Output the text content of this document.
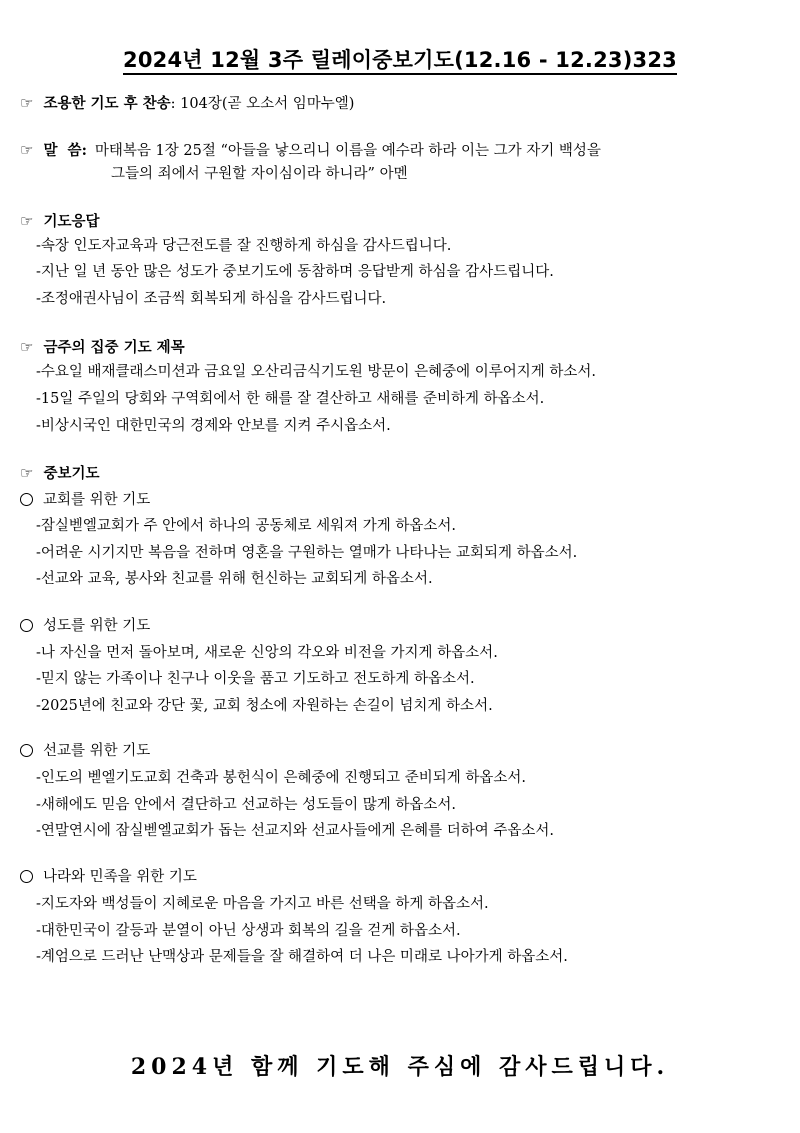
2024년 12월 3주 릴레이중보기도(12.16 - 12.23)323
☞ 조용한 기도 후 찬송: 104장(곧 오소서 임마누엘)
☞ 말  씀: 마태복음 1장 25절 “아들을 낳으리니 이름을 예수라 하라 이는 그가 자기 백성을
그들의 죄에서 구원할 자이심이라 하니라” 아멘
☞ 기도응답
-속장 인도자교육과 당근전도를 잘 진행하게 하심을 감사드립니다.
-지난 일 년 동안 많은 성도가 중보기도에 동참하며 응답받게 하심을 감사드립니다.
-조정애권사님이 조금씩 회복되게 하심을 감사드립니다.
☞ 금주의 집중 기도 제목
-수요일 배재클래스미션과 금요일 오산리금식기도원 방문이 은혜중에 이루어지게 하소서.
-15일 주일의 당회와 구역회에서 한 해를 잘 결산하고 새해를 준비하게 하옵소서.
-비상시국인 대한민국의 경제와 안보를 지켜 주시옵소서.
☞ 중보기도
교회를 위한 기도
-잠실벧엘교회가 주 안에서 하나의 공동체로 세워져 가게 하옵소서.
-어려운 시기지만 복음을 전하며 영혼을 구원하는 열매가 나타나는 교회되게 하옵소서.
-선교와 교육, 봉사와 친교를 위해 헌신하는 교회되게 하옵소서.
성도를 위한 기도
-나 자신을 먼저 돌아보며, 새로운 신앙의 각오와 비전을 가지게 하옵소서.
-믿지 않는 가족이나 친구나 이웃을 품고 기도하고 전도하게 하옵소서.
-2025년에 친교와 강단 꽃, 교회 청소에 자원하는 손길이 넘치게 하소서.
선교를 위한 기도
-인도의 벧엘기도교회 건축과 봉헌식이 은혜중에 진행되고 준비되게 하옵소서.
-새해에도 믿음 안에서 결단하고 선교하는 성도들이 많게 하옵소서.
-연말연시에 잠실벧엘교회가 돕는 선교지와 선교사들에게 은혜를 더하여 주옵소서.
나라와 민족을 위한 기도
-지도자와 백성들이 지혜로운 마음을 가지고 바른 선택을 하게 하옵소서.
-대한민국이 갈등과 분열이 아닌 상생과 회복의 길을 걷게 하옵소서.
-계엄으로 드러난 난맥상과 문제들을 잘 해결하여 더 나은 미래로 나아가게 하옵소서.
2024년 함께 기도해 주심에 감사드립니다.
